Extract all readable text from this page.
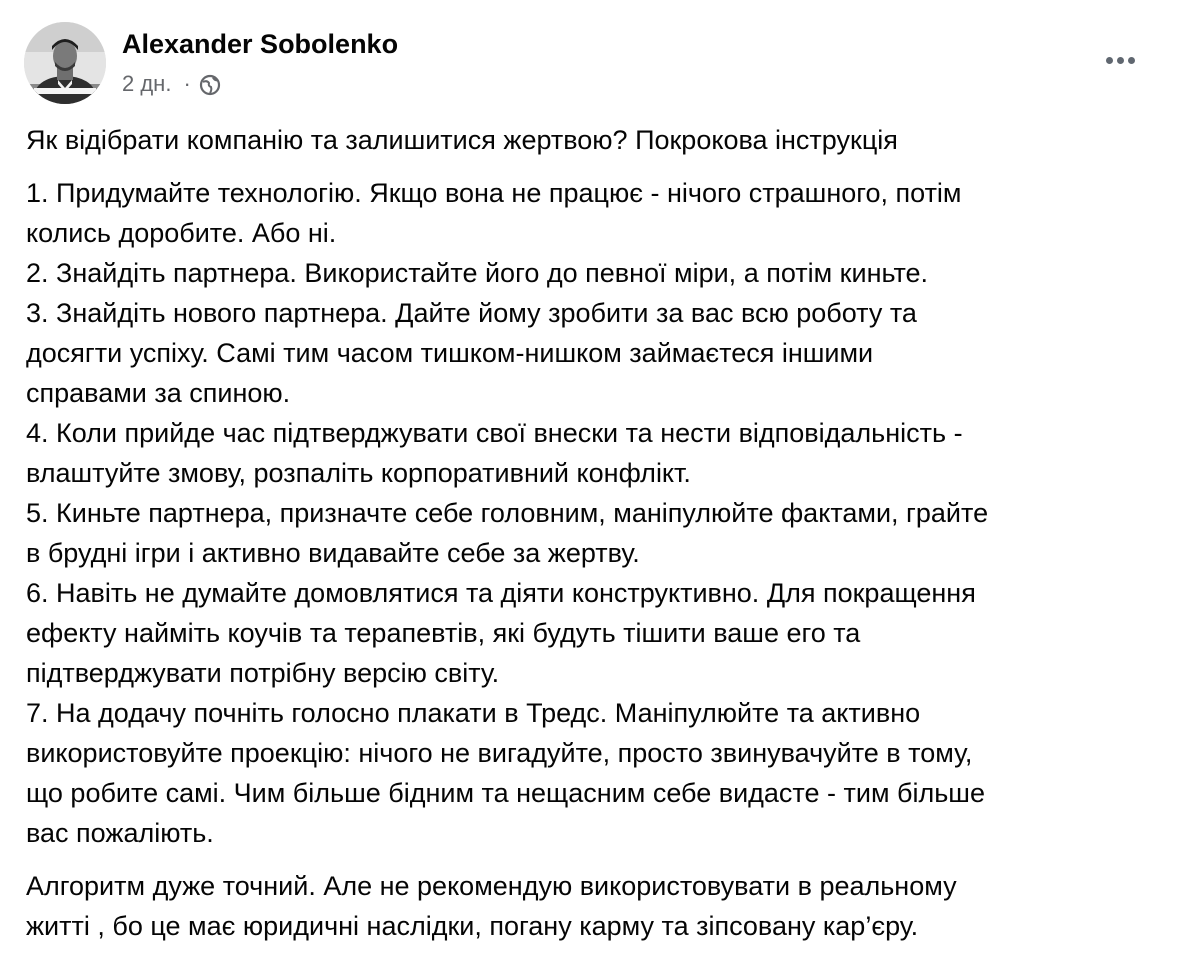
Alexander Sobolenko
2 дн. ·
Як відібрати компанію та залишитися жертвою? Покрокова інструкція
1. Придумайте технологію. Якщо вона не працює - нічого страшного, потім
колись доробите. Або ні.
2. Знайдіть партнера. Використайте його до певної міри, а потім киньте.
3. Знайдіть нового партнера. Дайте йому зробити за вас всю роботу та
досягти успіху. Самі тим часом тишком-нишком займаєтеся іншими
справами за спиною.
4. Коли прийде час підтверджувати свої внески та нести відповідальність -
влаштуйте змову, розпаліть корпоративний конфлікт.
5. Киньте партнера, призначте себе головним, маніпулюйте фактами, грайте
в брудні ігри і активно видавайте себе за жертву.
6. Навіть не думайте домовлятися та діяти конструктивно. Для покращення
ефекту найміть коучів та терапевтів, які будуть тішити ваше его та
підтверджувати потрібну версію світу.
7. На додачу почніть голосно плакати в Тредс. Маніпулюйте та активно
використовуйте проекцію: нічого не вигадуйте, просто звинувачуйте в тому,
що робите самі. Чим більше бідним та нещасним себе видасте - тим більше
вас пожаліють.
Алгоритм дуже точний. Але не рекомендую використовувати в реальному
житті , бо це має юридичні наслідки, погану карму та зіпсовану кар’єру.
